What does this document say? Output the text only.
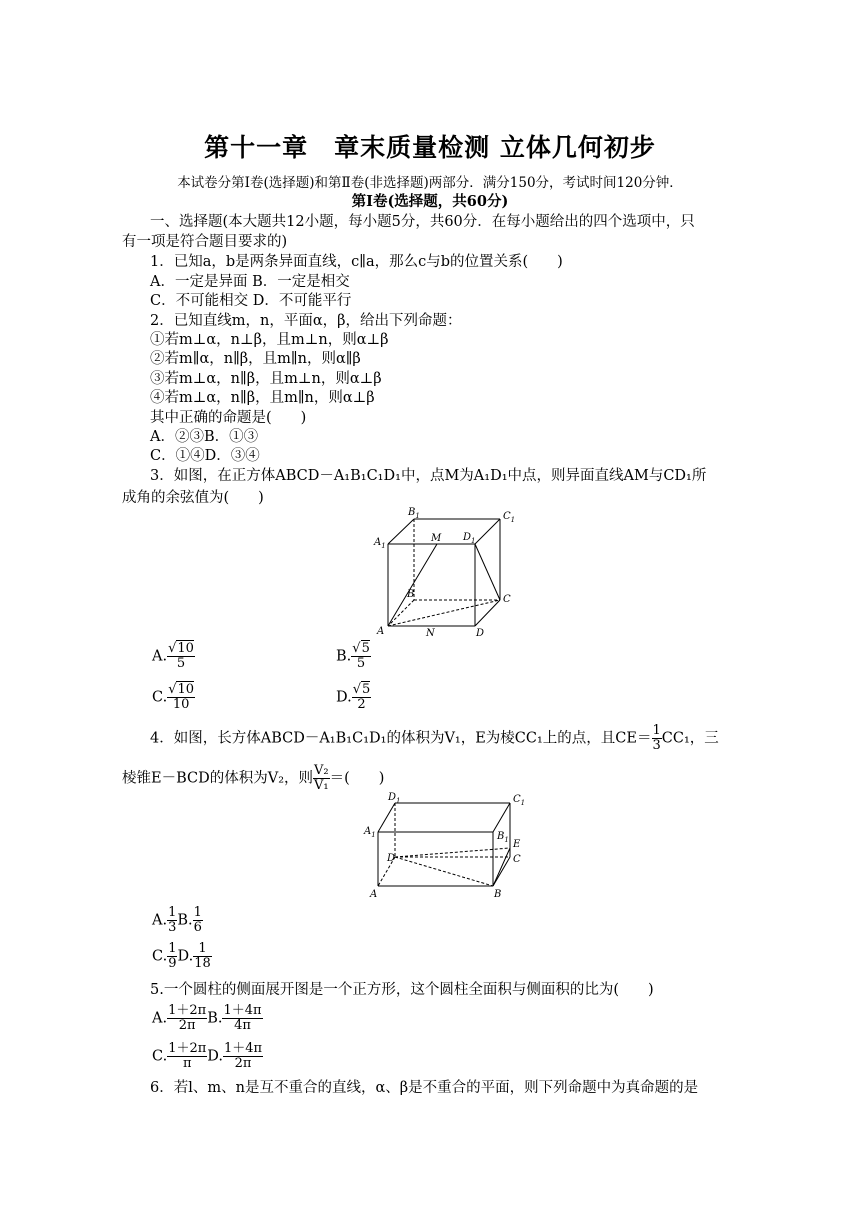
第十一章　章末质量检测 立体几何初步
本试卷分第Ⅰ卷(选择题)和第Ⅱ卷(非选择题)两部分．满分150分，考试时间120分钟．
第Ⅰ卷(选择题，共60分)
一、选择题(本大题共12小题，每小题5分，共60分．在每小题给出的四个选项中，只
有一项是符合题目要求的)
1．已知a，b是两条异面直线，c∥a，那么c与b的位置关系(　　)
A．一定是异面 B．一定是相交
C．不可能相交 D．不可能平行
2．已知直线m，n，平面α，β，给出下列命题：
①若m⊥α，n⊥β，且m⊥n，则α⊥β
②若m∥α，n∥β，且m∥n，则α∥β
③若m⊥α，n∥β，且m⊥n，则α⊥β
④若m⊥α，n∥β，且m∥n，则α⊥β
其中正确的命题是(　　)
A．②③B．①③
C．①④D．③④
3．如图，在正方体ABCD－A₁B₁C₁D₁中，点M为A₁D₁中点，则异面直线AM与CD₁所
成角的余弦值为(　　)
$B_1$	$C_1$
$A_1$
M $D_1$
B	C
A	N	D
A. $\frac{√10}{5}$	B. $\frac{√5}{5}$
C. $\frac{√10}{10}$	D. $\frac{√5}{2}$
4．如图，长方体ABCD－A₁B₁C₁D₁的体积为V₁，E为棱CC₁上的点，且$CE= \frac{1}{3} CC_1$，三
棱锥E－BCD的体积为V₂，则 $\frac{\text{V₂}}{\text{V₁}}$ ＝(　　)
$D_1$	$C_1$
$A_1$	$B_1$ E
D	C
A	B
A. $\frac{1}{3} B$. $\frac{1}{6}$
C. $\frac{1}{9} D$. $\frac{1}{18}$
5.一个圆柱的侧面展开图是一个正方形，这个圆柱全面积与侧面积的比为(　　)
A. $\frac{1+2\pi}{2\pi} B$. $\frac{1+4\pi}{4\pi}$
C. $\frac{1+2\pi}{\pi} D$. $\frac{1+4\pi}{2\pi}$
6．若l、m、n是互不重合的直线，α、β是不重合的平面，则下列命题中为真命题的是
